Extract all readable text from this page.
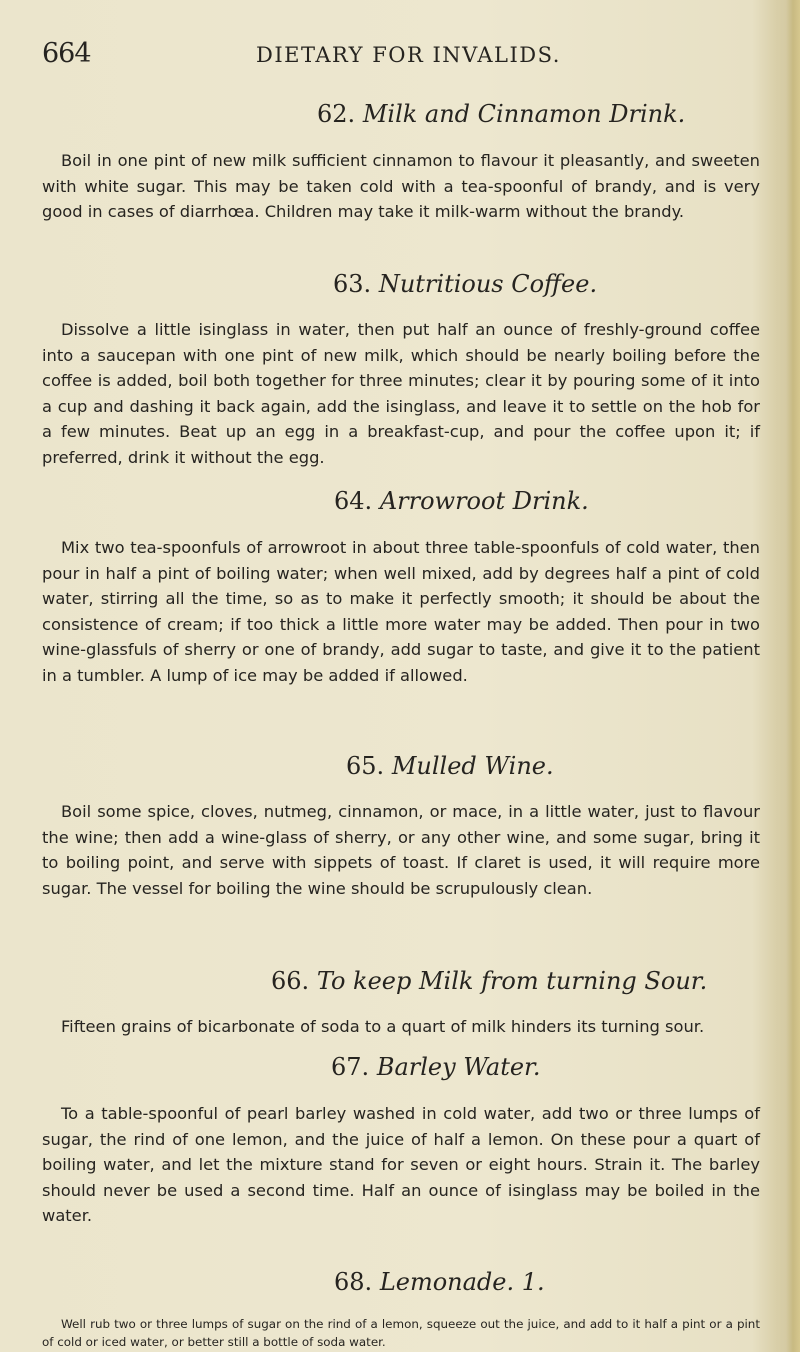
664	DIETARY FOR INVALIDS.
62. Milk and Cinnamon Drink.
Boil in one pint of new milk sufficient cinnamon to flavour it pleasantly, and sweeten with white sugar. This may be taken cold with a tea-spoonful of brandy, and is very good in cases of diarrhœa. Children may take it milk-warm without the brandy.
63. Nutritious Coffee.
Dissolve a little isinglass in water, then put half an ounce of freshly-ground coffee into a saucepan with one pint of new milk, which should be nearly boiling before the coffee is added, boil both together for three minutes; clear it by pouring some of it into a cup and dashing it back again, add the isinglass, and leave it to settle on the hob for a few minutes. Beat up an egg in a breakfast-cup, and pour the coffee upon it; if preferred, drink it without the egg.
64. Arrowroot Drink.
Mix two tea-spoonfuls of arrowroot in about three table-spoonfuls of cold water, then pour in half a pint of boiling water; when well mixed, add by degrees half a pint of cold water, stirring all the time, so as to make it perfectly smooth; it should be about the consistence of cream; if too thick a little more water may be added. Then pour in two wine-glassfuls of sherry or one of brandy, add sugar to taste, and give it to the patient in a tumbler. A lump of ice may be added if allowed.
65. Mulled Wine.
Boil some spice, cloves, nutmeg, cinnamon, or mace, in a little water, just to flavour the wine; then add a wine-glass of sherry, or any other wine, and some sugar, bring it to boiling point, and serve with sippets of toast. If claret is used, it will require more sugar. The vessel for boiling the wine should be scrupulously clean.
66. To keep Milk from turning Sour.
Fifteen grains of bicarbonate of soda to a quart of milk hinders its turning sour.
67. Barley Water.
To a table-spoonful of pearl barley washed in cold water, add two or three lumps of sugar, the rind of one lemon, and the juice of half a lemon. On these pour a quart of boiling water, and let the mixture stand for seven or eight hours. Strain it. The barley should never be used a second time. Half an ounce of isinglass may be boiled in the water.
68. Lemonade. 1.
Well rub two or three lumps of sugar on the rind of a lemon, squeeze out the juice, and add to it half a pint or a pint of cold or iced water, or better still a bottle of soda water.
